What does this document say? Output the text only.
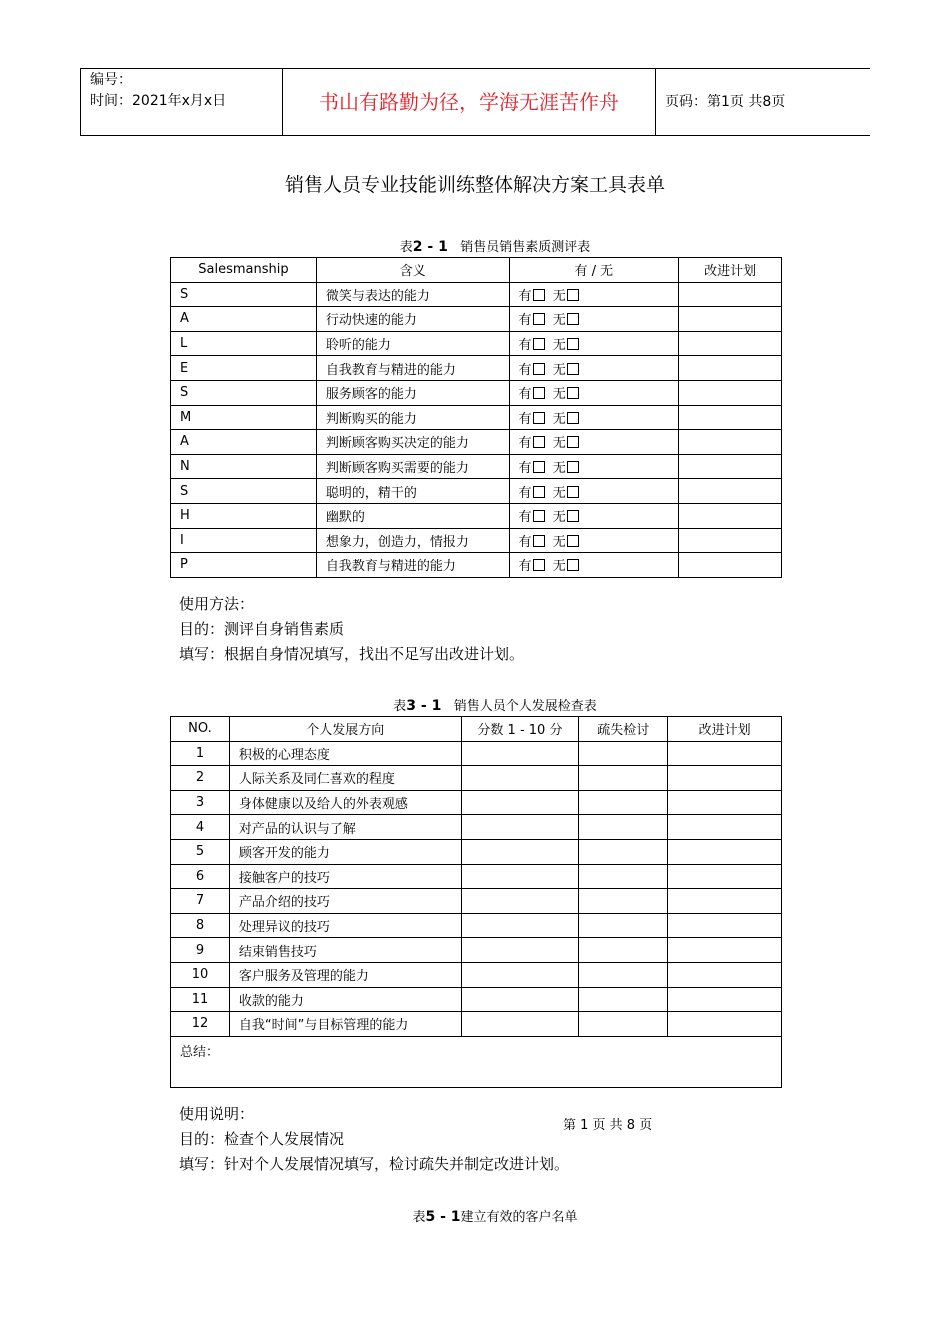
编号：
时间：2021年x月x日	书山有路勤为径，学海无涯苦作舟	页码：第1页 共8页
销售人员专业技能训练整体解决方案工具表单
表2 - 1 销售员销售素质测评表
Salesmanship	含义	有 / 无	改进计划
S	微笑与表达的能力	有 无	
A	行动快速的能力	有 无	
L	聆听的能力	有 无	
E	自我教育与精进的能力	有 无	
S	服务顾客的能力	有 无	
M	判断购买的能力	有 无	
A	判断顾客购买决定的能力	有 无	
N	判断顾客购买需要的能力	有 无	
S	聪明的，精干的	有 无	
H	幽默的	有 无	
I	想象力，创造力，情报力	有 无	
P	自我教育与精进的能力	有 无	
使用方法：
目的：测评自身销售素质
填写：根据自身情况填写，找出不足写出改进计划。
表3 - 1 销售人员个人发展检查表
NO.	个人发展方向	分数 1 - 10 分	疏失检讨	改进计划
1	积极的心理态度			
2	人际关系及同仁喜欢的程度			
3	身体健康以及给人的外表观感			
4	对产品的认识与了解			
5	顾客开发的能力			
6	接触客户的技巧			
7	产品介绍的技巧			
8	处理异议的技巧			
9	结束销售技巧			
10	客户服务及管理的能力			
11	收款的能力			
12	自我“时间”与目标管理的能力			
总结：				
使用说明：
目的：检查个人发展情况
填写：针对个人发展情况填写，检讨疏失并制定改进计划。
第 1 页 共 8 页
表5 - 1建立有效的客户名单
